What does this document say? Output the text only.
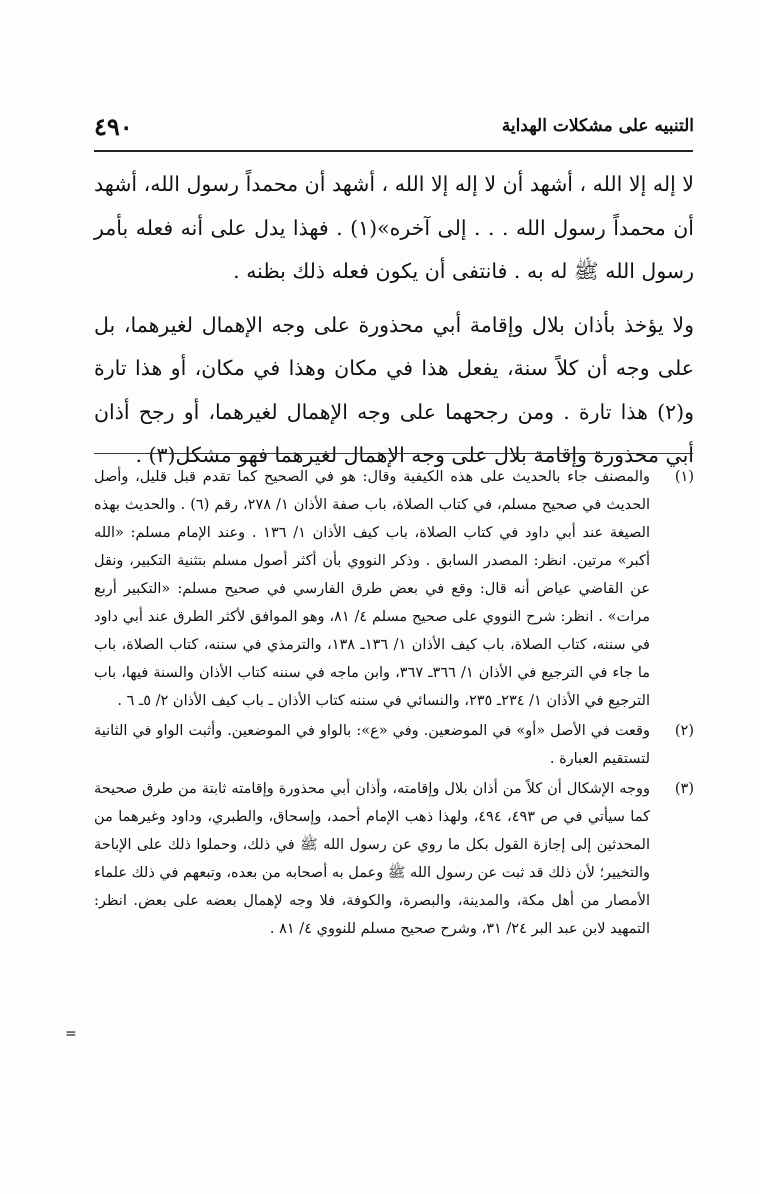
٤٩٠	التنبيه على مشكلات الهداية

لا إله إلا الله ، أشهد أن لا إله إلا الله ، أشهد أن محمداً رسول الله، أشهد أن محمداً رسول الله . . . إلى آخره»(١) . فهذا يدل على أنه فعله بأمر رسول الله ﷺ له به . فانتفى أن يكون فعله ذلك بظنه .

ولا يؤخذ بأذان بلال وإقامة أبي محذورة على وجه الإهمال لغيرهما، بل على وجه أن كلاً سنة، يفعل هذا في مكان وهذا في مكان، أو هذا تارة و(٢) هذا تارة . ومن رجحهما على وجه الإهمال لغيرهما، أو رجح أذان أبي محذورة وإقامة بلال على وجه الإهمال لغيرهما فهو مشكل(٣) .

(١)
والمصنف جاء بالحديث على هذه الكيفية وقال: هو في الصحيح كما تقدم قبل قليل، وأصل الحديث في صحيح مسلم، في كتاب الصلاة، باب صفة الأذان ١/ ٢٧٨، رقم (٦) . والحديث بهذه الصيغة عند أبي داود في كتاب الصلاة، باب كيف الأذان ١/ ١٣٦ . وعند الإمام مسلم: «الله أكبر» مرتين. انظر: المصدر السابق . وذكر النووي بأن أكثر أصول مسلم بتثنية التكبير، ونقل عن القاضي عياض أنه قال: وقع في بعض طرق الفارسي في صحيح مسلم: «التكبير أربع مرات» . انظر: شرح النووي على صحيح مسلم ٤/ ٨١، وهو الموافق لأكثر الطرق عند أبي داود في سننه، كتاب الصلاة، باب كيف الأذان ١/ ١٣٦ـ ١٣٨، والترمذي في سننه، كتاب الصلاة، باب ما جاء في الترجيع في الأذان ١/ ٣٦٦ـ ٣٦٧، وابن ماجه في سننه كتاب الأذان والسنة فيها، باب الترجيع في الأذان ١/ ٢٣٤ـ ٢٣٥، والنسائي في سننه كتاب الأذان ـ باب كيف الأذان ٢/ ٥ـ ٦ .

(٢)
وقعت في الأصل «أو» في الموضعين. وفي «ع»: بالواو في الموضعين. وأثبت الواو في الثانية لتستقيم العبارة .

(٣)
ووجه الإشكال أن كلاً من أذان بلال وإقامته، وأذان أبي محذورة وإقامته ثابتة من طرق صحيحة كما سيأتي في ص ٤٩٣، ٤٩٤، ولهذا ذهب الإمام أحمد، وإسحاق، والطبري، وداود وغيرهما من المحدثين إلى إجازة القول بكل ما روي عن رسول الله ﷺ في ذلك، وحملوا ذلك على الإباحة والتخيير؛ لأن ذلك قد ثبت عن رسول الله ﷺ وعمل به أصحابه من بعده، وتبعهم في ذلك علماء الأمصار من أهل مكة، والمدينة، والبصرة، والكوفة، فلا وجه لإهمال بعضه على بعض. انظر: التمهيد لابن عبد البر ٢٤/ ٣١، وشرح صحيح مسلم للنووي ٤/ ٨١ .

=
